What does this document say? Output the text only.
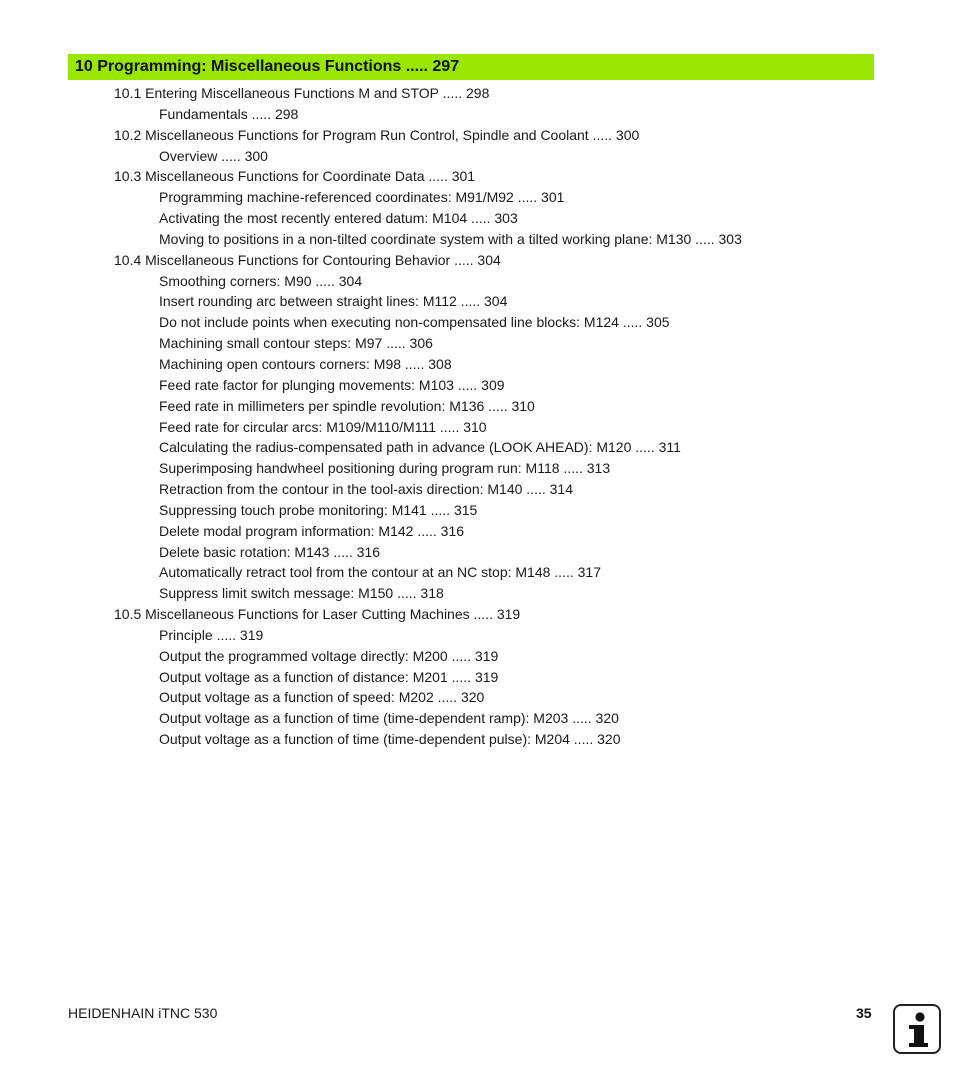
10 Programming: Miscellaneous Functions ..... 297
10.1 Entering Miscellaneous Functions M and STOP ..... 298
Fundamentals ..... 298
10.2 Miscellaneous Functions for Program Run Control, Spindle and Coolant ..... 300
Overview ..... 300
10.3 Miscellaneous Functions for Coordinate Data ..... 301
Programming machine-referenced coordinates: M91/M92 ..... 301
Activating the most recently entered datum: M104 ..... 303
Moving to positions in a non-tilted coordinate system with a tilted working plane: M130 ..... 303
10.4 Miscellaneous Functions for Contouring Behavior ..... 304
Smoothing corners: M90 ..... 304
Insert rounding arc between straight lines: M112 ..... 304
Do not include points when executing non-compensated line blocks: M124 ..... 305
Machining small contour steps: M97 ..... 306
Machining open contours corners: M98 ..... 308
Feed rate factor for plunging movements: M103 ..... 309
Feed rate in millimeters per spindle revolution: M136 ..... 310
Feed rate for circular arcs: M109/M110/M111 ..... 310
Calculating the radius-compensated path in advance (LOOK AHEAD): M120 ..... 311
Superimposing handwheel positioning during program run: M118 ..... 313
Retraction from the contour in the tool-axis direction: M140 ..... 314
Suppressing touch probe monitoring: M141 ..... 315
Delete modal program information: M142 ..... 316
Delete basic rotation: M143 ..... 316
Automatically retract tool from the contour at an NC stop: M148 ..... 317
Suppress limit switch message: M150 ..... 318
10.5 Miscellaneous Functions for Laser Cutting Machines ..... 319
Principle ..... 319
Output the programmed voltage directly: M200 ..... 319
Output voltage as a function of distance: M201 ..... 319
Output voltage as a function of speed: M202 ..... 320
Output voltage as a function of time (time-dependent ramp): M203 ..... 320
Output voltage as a function of time (time-dependent pulse): M204 ..... 320
HEIDENHAIN iTNC 530	35
